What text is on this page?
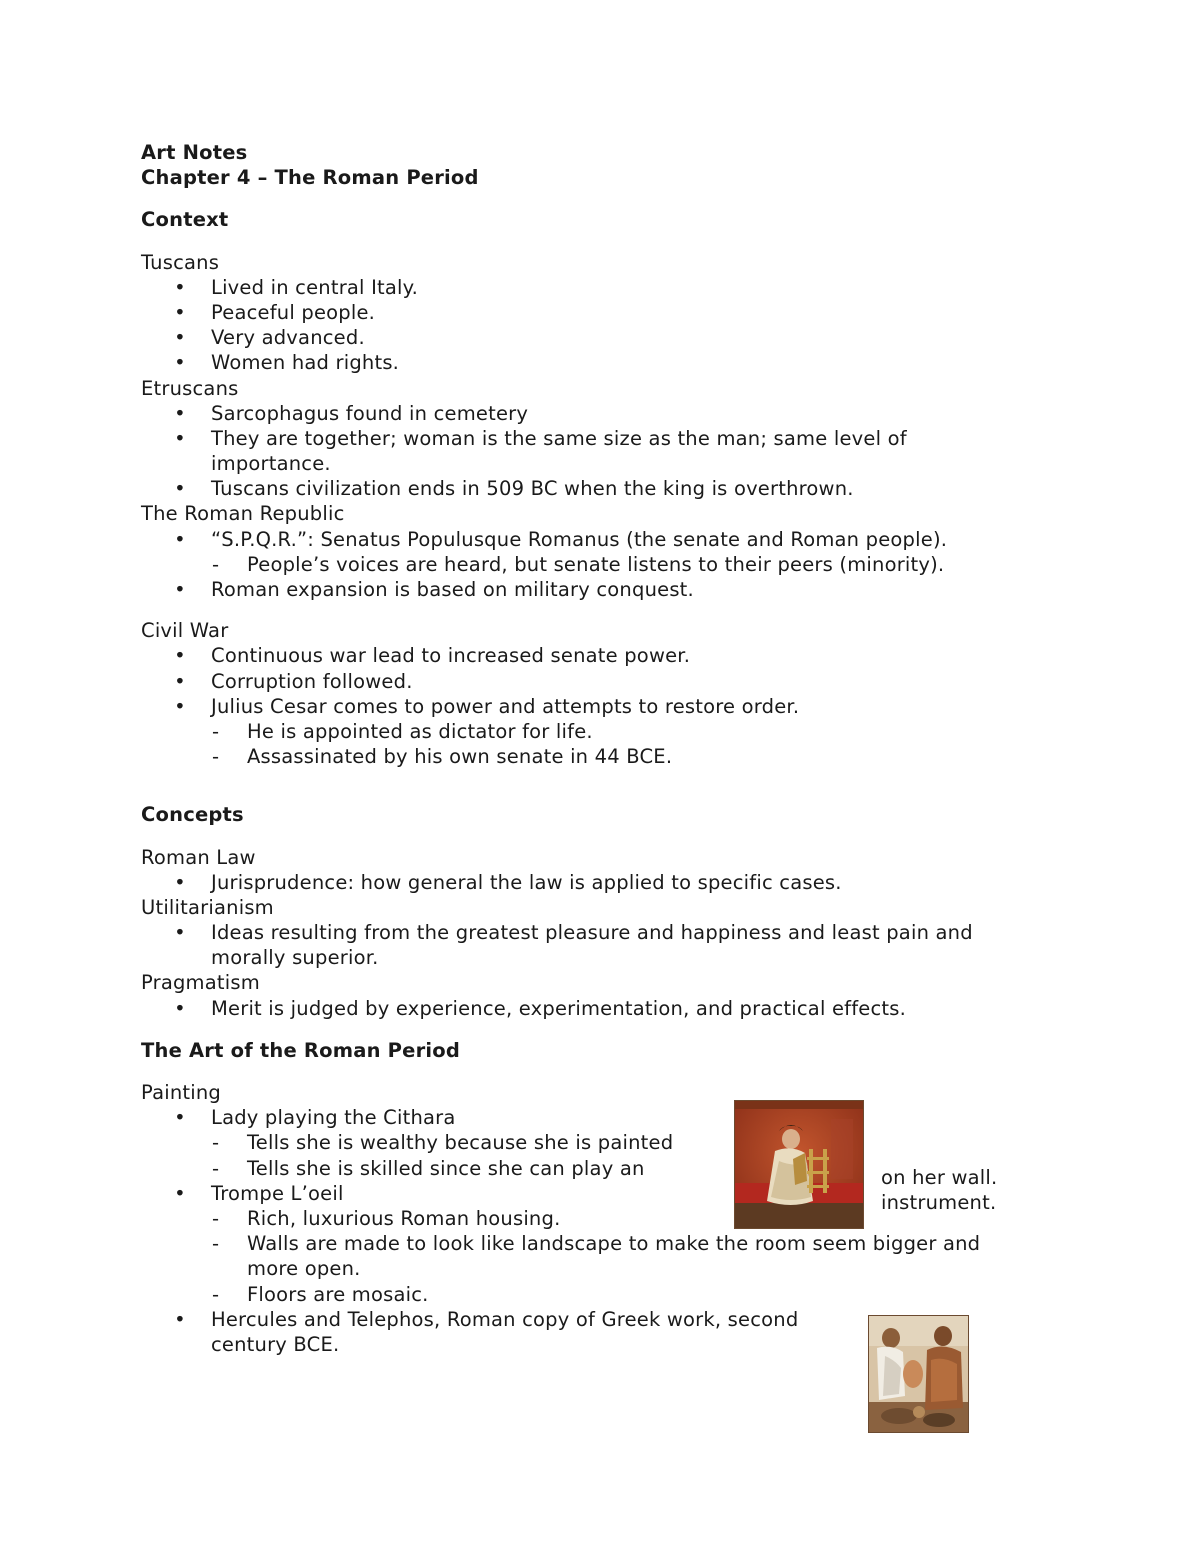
Art Notes
Chapter 4 – The Roman Period
Context
Tuscans
• Lived in central Italy.
• Peaceful people.
• Very advanced.
• Women had rights.
Etruscans
• Sarcophagus found in cemetery
• They are together; woman is the same size as the man; same level of
importance.
• Tuscans civilization ends in 509 BC when the king is overthrown.
The Roman Republic
• “S.P.Q.R.”: Senatus Populusque Romanus (the senate and Roman people).
- People’s voices are heard, but senate listens to their peers (minority).
• Roman expansion is based on military conquest.
Civil War
• Continuous war lead to increased senate power.
• Corruption followed.
• Julius Cesar comes to power and attempts to restore order.
- He is appointed as dictator for life.
- Assassinated by his own senate in 44 BCE.
Concepts
Roman Law
• Jurisprudence: how general the law is applied to specific cases.
Utilitarianism
• Ideas resulting from the greatest pleasure and happiness and least pain and
morally superior.
Pragmatism
• Merit is judged by experience, experimentation, and practical effects.
The Art of the Roman Period
Painting
• Lady playing the Cithara
- Tells she is wealthy because she is painted
- Tells she is skilled since she can play an
• Trompe L’oeil
- Rich, luxurious Roman housing.
- Walls are made to look like landscape to make the room seem bigger and
more open.
- Floors are mosaic.
• Hercules and Telephos, Roman copy of Greek work, second
century BCE.
on her wall.
instrument.
